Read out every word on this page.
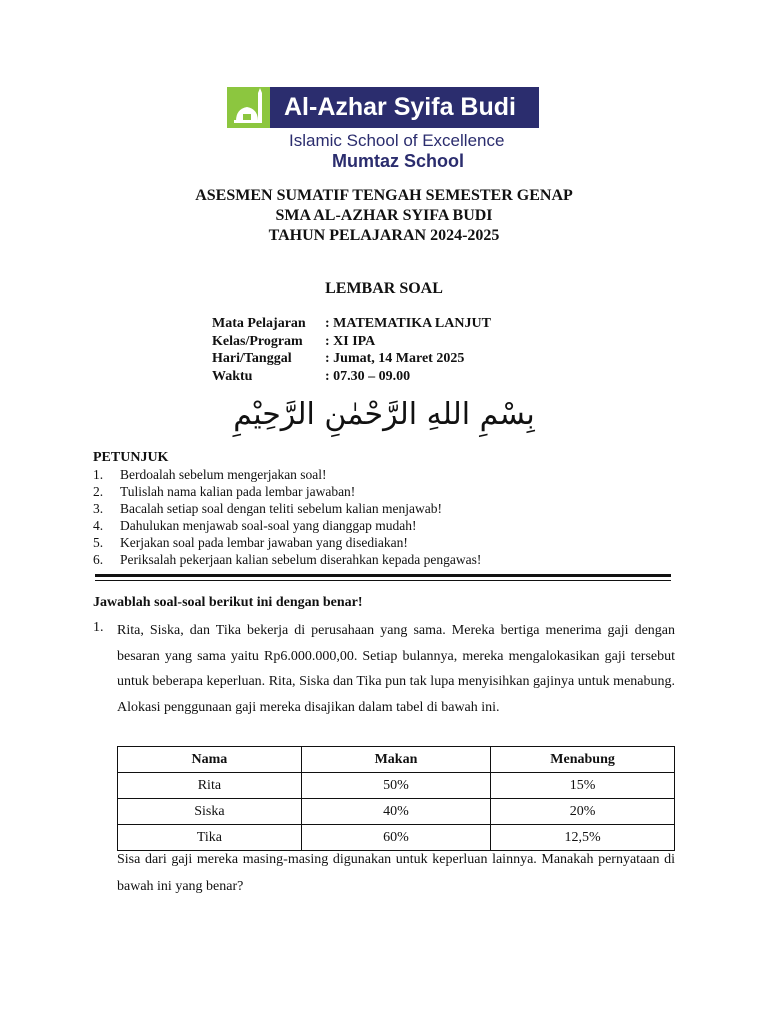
Al-Azhar Syifa Budi
Islamic School of Excellence
Mumtaz School
ASESMEN SUMATIF TENGAH SEMESTER GENAP
SMA AL-AZHAR SYIFA BUDI
TAHUN PELAJARAN 2024-2025
LEMBAR SOAL
Mata Pelajaran	: MATEMATIKA LANJUT
Kelas/Program	: XI IPA
Hari/Tanggal	: Jumat, 14 Maret 2025
Waktu	: 07.30 – 09.00
بِسْمِ اللهِ الرَّحْمٰنِ الرَّحِيْمِ
PETUNJUK
1.	Berdoalah sebelum mengerjakan soal!
2.	Tulislah nama kalian pada lembar jawaban!
3.	Bacalah setiap soal dengan teliti sebelum kalian menjawab!
4.	Dahulukan menjawab soal-soal yang dianggap mudah!
5.	Kerjakan soal pada lembar jawaban yang disediakan!
6.	Periksalah pekerjaan kalian sebelum diserahkan kepada pengawas!
Jawablah soal-soal berikut ini dengan benar!
1. Rita, Siska, dan Tika bekerja di perusahaan yang sama. Mereka bertiga menerima gaji dengan besaran yang sama yaitu Rp6.000.000,00. Setiap bulannya, mereka mengalokasikan gaji tersebut untuk beberapa keperluan. Rita, Siska dan Tika pun tak lupa menyisihkan gajinya untuk menabung. Alokasi penggunaan gaji mereka disajikan dalam tabel di bawah ini.
Nama	Makan	Menabung
Rita	50%	15%
Siska	40%	20%
Tika	60%	12,5%
Sisa dari gaji mereka masing-masing digunakan untuk keperluan lainnya. Manakah pernyataan di bawah ini yang benar?
